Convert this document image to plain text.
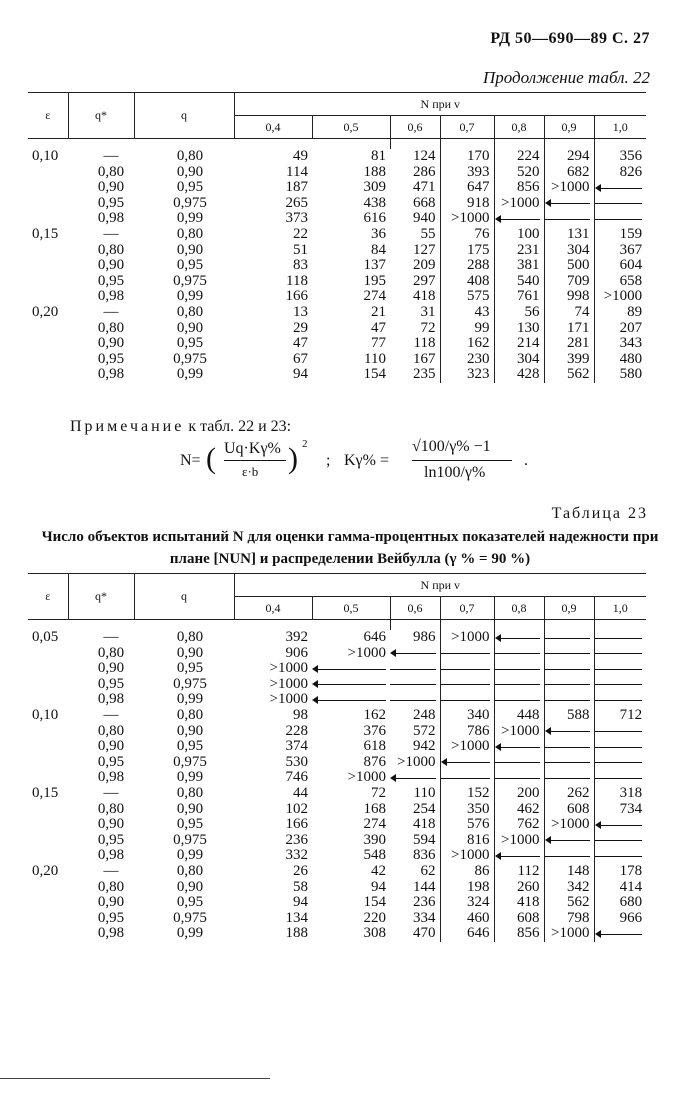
РД 50—690—89 С. 27
Продолжение табл. 22
ε	q*	q	N при v						
			0,4	0,5	0,6	0,7	0,8	0,9	1,0

0,10	—	0,80	49	81	124	170	224	294	356
	0,80	0,90	114	188	286	393	520	682	826
	0,90	0,95	187	309	471	647	856	>1000	
	0,95	0,975	265	438	668	918	>1000		
	0,98	0,99	373	616	940	>1000			
0,15	—	0,80	22	36	55	76	100	131	159
	0,80	0,90	51	84	127	175	231	304	367
	0,90	0,95	83	137	209	288	381	500	604
	0,95	0,975	118	195	297	408	540	709	658
	0,98	0,99	166	274	418	575	761	998	>1000
0,20	—	0,80	13	21	31	43	56	74	89
	0,80	0,90	29	47	72	99	130	171	207
	0,90	0,95	47	77	118	162	214	281	343
	0,95	0,975	67	110	167	230	304	399	480
	0,98	0,99	94	154	235	323	428	562	580
Примечание к табл. 22 и 23:
N= ( Uq·Kγ%
ε·b ) 2
; Kγ% =
√100/γ% −1
ln100/γ%
.
Таблица 23
Число объектов испытаний N для оценки гамма-процентных показателей надежности при плане [NUN] и распределении Вейбулла (γ % = 90 %)
ε	q*	q	N при v						
			0,4	0,5	0,6	0,7	0,8	0,9	1,0

0,05	—	0,80	392	646	986	>1000			
	0,80	0,90	906	>1000					
	0,90	0,95	>1000						
	0,95	0,975	>1000						
	0,98	0,99	>1000						
0,10	—	0,80	98	162	248	340	448	588	712
	0,80	0,90	228	376	572	786	>1000		
	0,90	0,95	374	618	942	>1000			
	0,95	0,975	530	876	>1000				
	0,98	0,99	746	>1000					
0,15	—	0,80	44	72	110	152	200	262	318
	0,80	0,90	102	168	254	350	462	608	734
	0,90	0,95	166	274	418	576	762	>1000	
	0,95	0,975	236	390	594	816	>1000		
	0,98	0,99	332	548	836	>1000			
0,20	—	0,80	26	42	62	86	112	148	178
	0,80	0,90	58	94	144	198	260	342	414
	0,90	0,95	94	154	236	324	418	562	680
	0,95	0,975	134	220	334	460	608	798	966
	0,98	0,99	188	308	470	646	856	>1000	
